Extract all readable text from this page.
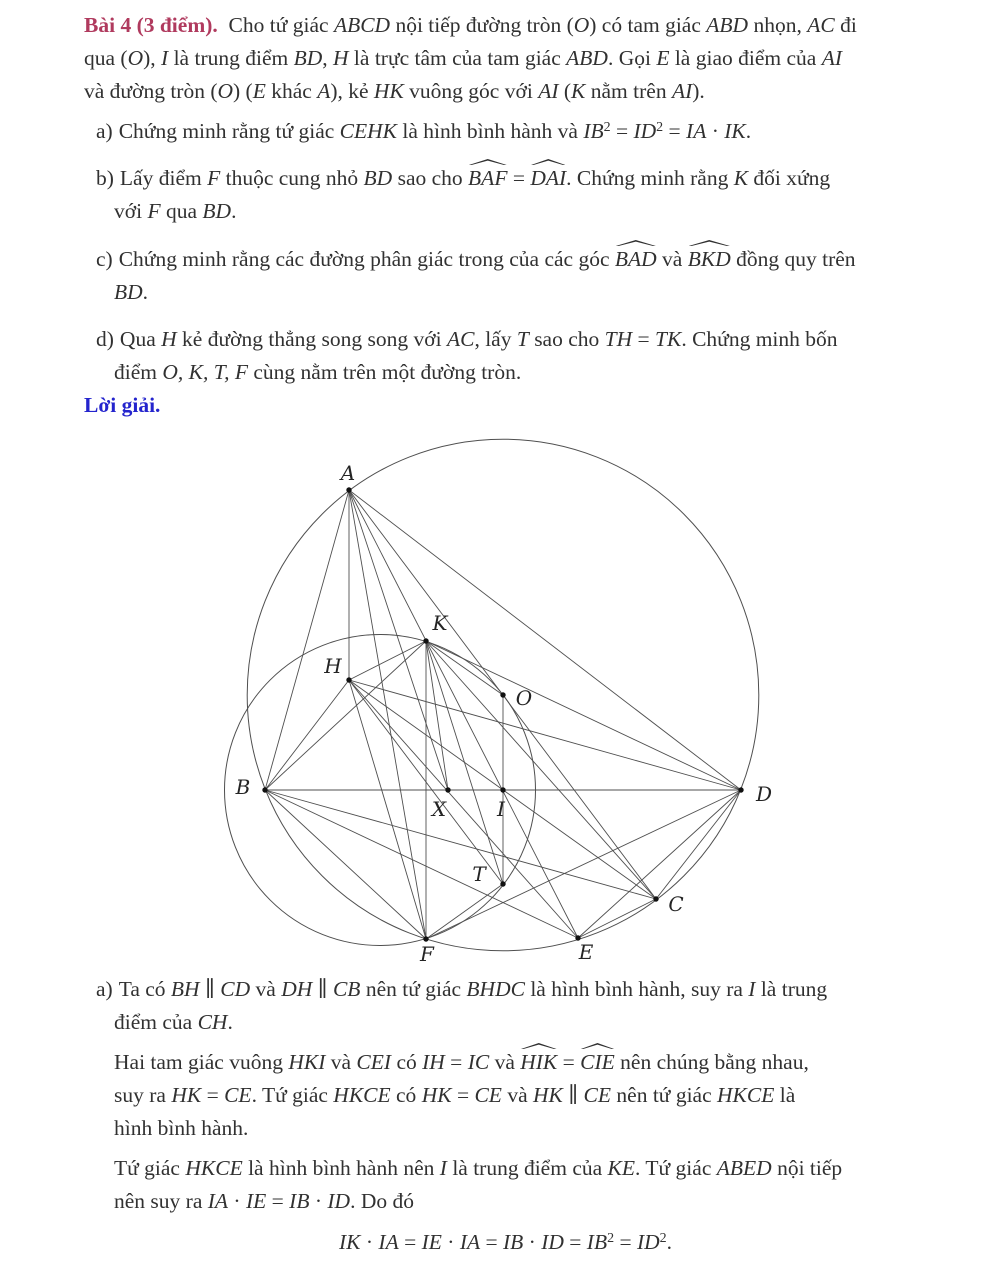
Bài 4 (3 điểm).  Cho tứ giác ABCD nội tiếp đường tròn (O) có tam giác ABD nhọn, AC đi
qua (O), I là trung điểm BD, H là trực tâm của tam giác ABD. Gọi E là giao điểm của AI
và đường tròn (O) (E khác A), kẻ HK vuông góc với AI (K nằm trên AI).
a) Chứng minh rằng tứ giác CEHK là hình bình hành và $IB^2 = ID^2$ = IA · IK.
b) Lấy điểm F thuộc cung nhỏ BD sao cho BAF = DAI. Chứng minh rằng K đối xứng
với F qua BD.
c) Chứng minh rằng các đường phân giác trong của các góc BAD và BKD đồng quy trên
BD.
d) Qua H kẻ đường thẳng song song với AC, lấy T sao cho TH = TK. Chứng minh bốn
điểm O, K, T, F cùng nằm trên một đường tròn.
Lời giải.
A
B
C
D
E
F
H
I
K
O
T
X
a) Ta có BH ∥ CD và DH ∥ CB nên tứ giác BHDC là hình bình hành, suy ra I là trung
điểm của CH.
Hai tam giác vuông HKI và CEI có IH = IC và HIK = CIE nên chúng bằng nhau,
suy ra HK = CE. Tứ giác HKCE có HK = CE và HK ∥ CE nên tứ giác HKCE là
hình bình hành.
Tứ giác HKCE là hình bình hành nên I là trung điểm của KE. Tứ giác ABED nội tiếp
nên suy ra IA · IE = IB · ID. Do đó
IK · IA = IE · IA = IB · ID = $IB^2 = ID^2$.
